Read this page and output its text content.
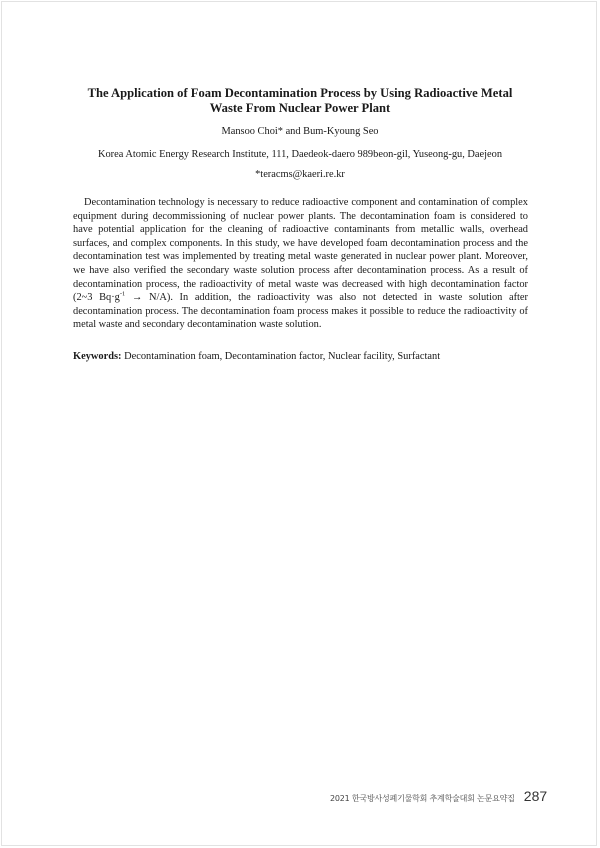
The Application of Foam Decontamination Process by Using Radioactive Metal Waste From Nuclear Power Plant

Mansoo Choi* and Bum-Kyoung Seo

Korea Atomic Energy Research Institute, 111, Daedeok-daero 989beon-gil, Yuseong-gu, Daejeon

*teracms@kaeri.re.kr

Decontamination technology is necessary to reduce radioactive component and contamination of complex equipment during decommissioning of nuclear power plants. The decontamination foam is considered to have potential application for the cleaning of radioactive contaminants from metallic walls, overhead surfaces, and complex components. In this study, we have developed foam decontamination process and the decontamination test was implemented by treating metal waste generated in nuclear power plant. Moreover, we have also verified the secondary waste solution process after decontamination process. As a result of decontamination process, the radioactivity of metal waste was decreased with high decontamination factor (2~3 $Bq\cdot g^{-1} \to N/A$). In addition, the radioactivity was also not detected in waste solution after decontamination process. The decontamination foam process makes it possible to reduce the radioactivity of metal waste and secondary decontamination waste solution.

Keywords: Decontamination foam, Decontamination factor, Nuclear facility, Surfactant

2021 한국방사성폐기물학회 추계학술대회 논문요약집 287
